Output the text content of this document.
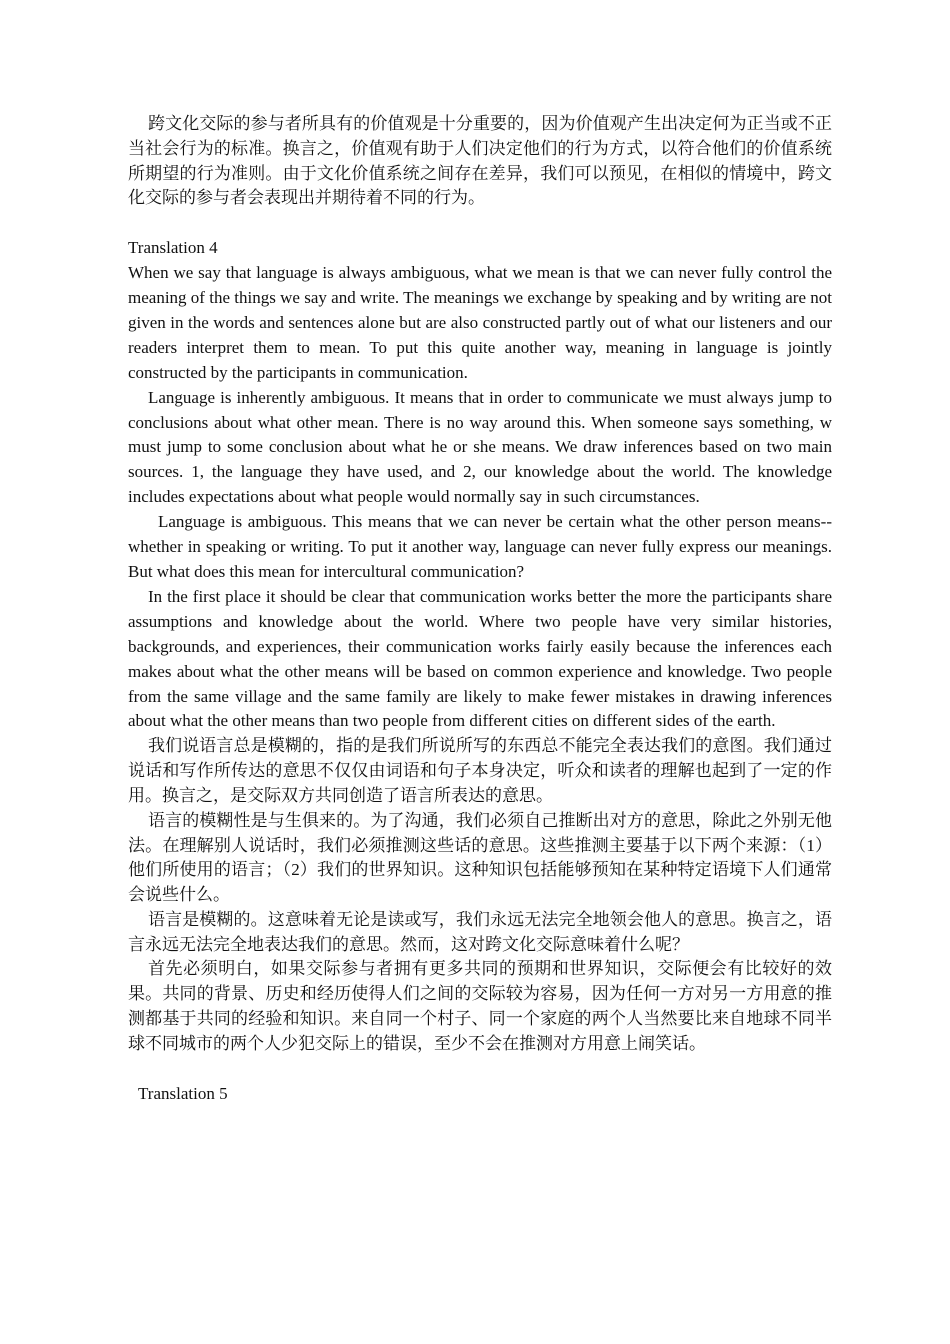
跨文化交际的参与者所具有的价值观是十分重要的，因为价值观产生出决定何为正当或不正当社会行为的标准。换言之，价值观有助于人们决定他们的行为方式，以符合他们的价值系统所期望的行为准则。由于文化价值系统之间存在差异，我们可以预见，在相似的情境中，跨文化交际的参与者会表现出并期待着不同的行为。

Translation 4

When we say that language is always ambiguous, what we mean is that we can never fully control the meaning of the things we say and write. The meanings we exchange by speaking and by writing are not given in the words and sentences alone but are also constructed partly out of what our listeners and our readers interpret them to mean. To put this quite another way, meaning in language is jointly constructed by the participants in communication.

Language is inherently ambiguous. It means that in order to communicate we must always jump to conclusions about what other mean. There is no way around this. When someone says something, w must jump to some conclusion about what he or she means. We draw inferences based on two main sources. 1, the language they have used, and 2, our knowledge about the world. The knowledge includes expectations about what people would normally say in such circumstances.

Language is ambiguous. This means that we can never be certain what the other person means--whether in speaking or writing. To put it another way, language can never fully express our meanings. But what does this mean for intercultural communication?

In the first place it should be clear that communication works better the more the participants share assumptions and knowledge about the world. Where two people have very similar histories, backgrounds, and experiences, their communication works fairly easily because the inferences each makes about what the other means will be based on common experience and knowledge. Two people from the same village and the same family are likely to make fewer mistakes in drawing inferences about what the other means than two people from different cities on different sides of the earth.

我们说语言总是模糊的，指的是我们所说所写的东西总不能完全表达我们的意图。我们通过说话和写作所传达的意思不仅仅由词语和句子本身决定，听众和读者的理解也起到了一定的作用。换言之，是交际双方共同创造了语言所表达的意思。

语言的模糊性是与生俱来的。为了沟通，我们必须自己推断出对方的意思，除此之外别无他法。在理解别人说话时，我们必须推测这些话的意思。这些推测主要基于以下两个来源：（1）他们所使用的语言；（2）我们的世界知识。这种知识包括能够预知在某种特定语境下人们通常会说些什么。

语言是模糊的。这意味着无论是读或写，我们永远无法完全地领会他人的意思。换言之，语言永远无法完全地表达我们的意思。然而，这对跨文化交际意味着什么呢？

首先必须明白，如果交际参与者拥有更多共同的预期和世界知识，交际便会有比较好的效果。共同的背景、历史和经历使得人们之间的交际较为容易，因为任何一方对另一方用意的推测都基于共同的经验和知识。来自同一个村子、同一个家庭的两个人当然要比来自地球不同半球不同城市的两个人少犯交际上的错误，至少不会在推测对方用意上闹笑话。

Translation 5
